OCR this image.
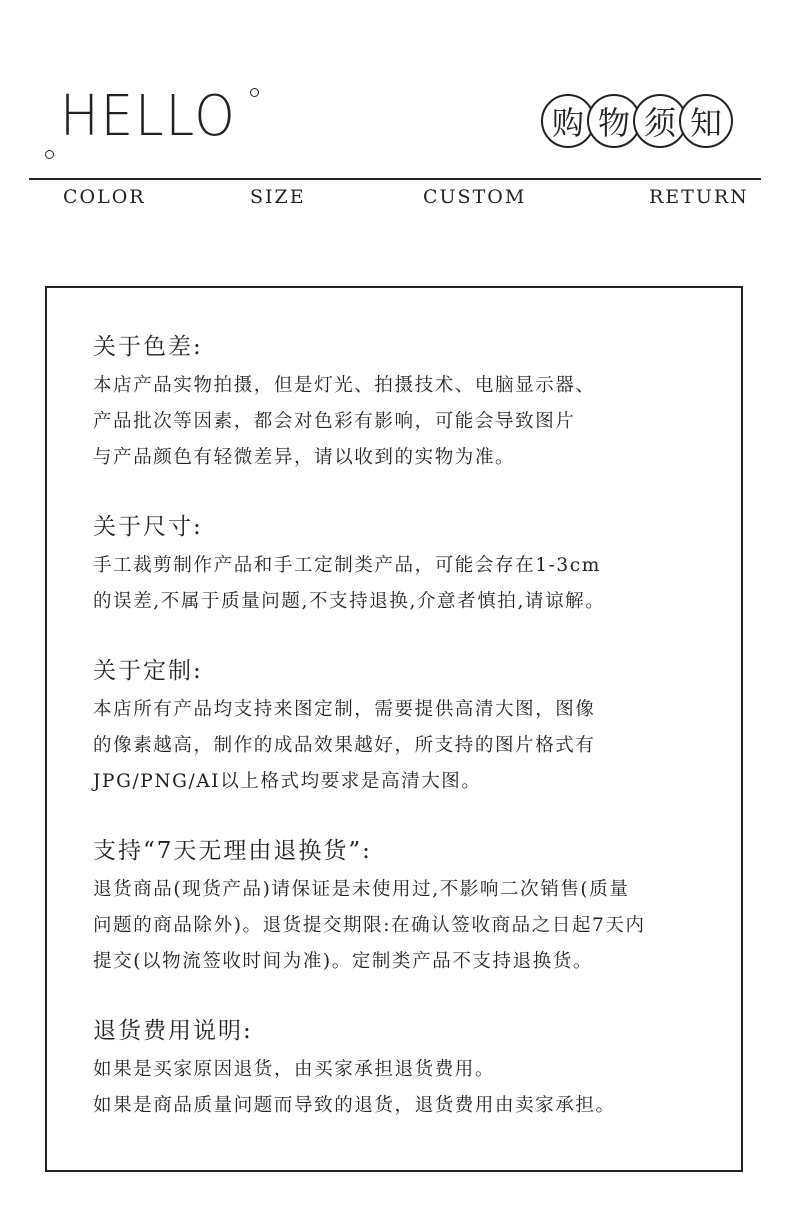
HELLO	购 物 须 知
COLOR	SIZE	CUSTOM	RETURN
关于色差:
本店产品实物拍摄，但是灯光、拍摄技术、电脑显示器、
产品批次等因素，都会对色彩有影响，可能会导致图片
与产品颜色有轻微差异，请以收到的实物为准。
关于尺寸:
手工裁剪制作产品和手工定制类产品，可能会存在1-3cm
的误差,不属于质量问题,不支持退换,介意者慎拍,请谅解。
关于定制:
本店所有产品均支持来图定制，需要提供高清大图，图像
的像素越高，制作的成品效果越好，所支持的图片格式有
JPG/PNG/AI以上格式均要求是高清大图。
支持“7天无理由退换货”:
退货商品(现货产品)请保证是未使用过,不影响二次销售(质量
问题的商品除外)。退货提交期限:在确认签收商品之日起7天内
提交(以物流签收时间为准)。定制类产品不支持退换货。
退货费用说明:
如果是买家原因退货，由买家承担退货费用。
如果是商品质量问题而导致的退货，退货费用由卖家承担。
